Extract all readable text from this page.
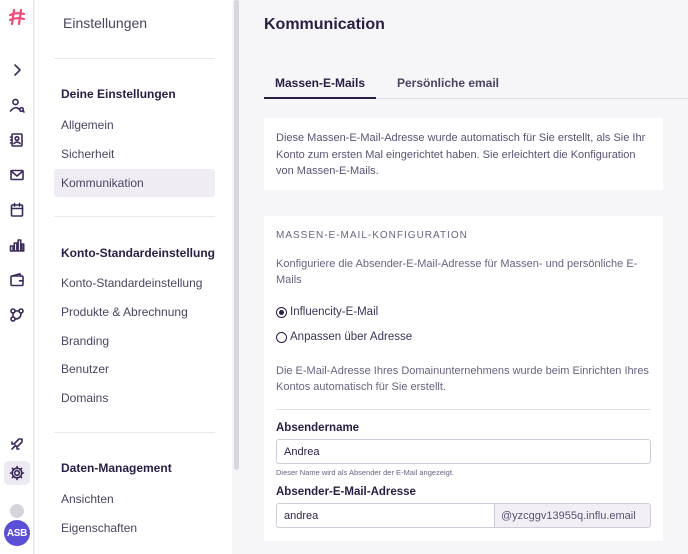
ASB
Einstellungen
Deine Einstellungen
Allgemein
Sicherheit
Kommunikation
Konto-Standardeinstellung
Konto-Standardeinstellung
Produkte & Abrechnung
Branding
Benutzer
Domains
Daten-Management
Ansichten
Eigenschaften
Kommunication
Massen-E-Mails	Persönliche email
Diese Massen-E-Mail-Adresse wurde automatisch für Sie erstellt, als Sie Ihr Konto zum ersten Mal eingerichtet haben. Sie erleichtert die Konfiguration von Massen-E-Mails.
MASSEN-E-MAIL-KONFIGURATION
Konfiguriere die Absender-E-Mail-Adresse für Massen- und persönliche E-Mails
Influencity-E-Mail
Anpassen über Adresse
Die E-Mail-Adresse Ihres Domainunternehmens wurde beim Einrichten Ihres Kontos automatisch für Sie erstellt.
Absendername
Andrea
Dieser Name wird als Absender der E-Mail angezeigt.
Absender-E-Mail-Adresse
andrea
@yzcggv13955q.influ.email
